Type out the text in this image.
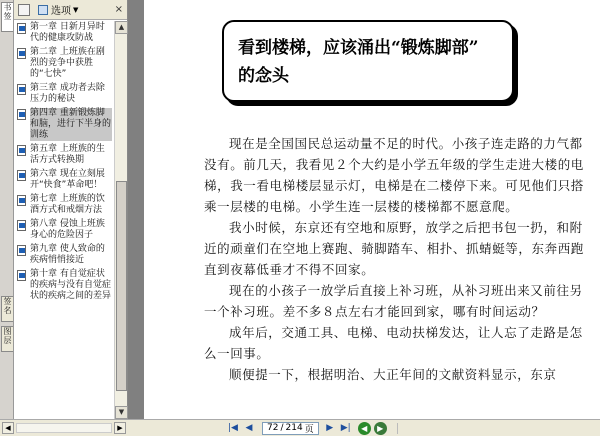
书签
签名
图层
选项 ▼	×
第一章 日新月异时代的健康攻防战
第二章 上班族在剧烈的竞争中获胜的“七快”
第三章 成功者去除压力的秘诀
第四章 重新锻炼脚和脑，进行下半身的训练
第五章 上班族的生活方式转换期
第六章 现在立刻展开“快食”革命吧！
第七章 上班族的饮酒方式和戒烟方法
第八章 侵蚀上班族身心的危险因子
第九章 使人致命的疾病悄悄接近
第十章 有自觉症状的疾病与没有自觉症状的疾病之间的差异
▲
▼

看到楼梯，应该涌出“锻炼脚部”

的念头

现在是全国国民总运动量不足的时代。小孩子连走路的力气都没有。前几天，我看见２个大约是小学五年级的学生走进大楼的电梯，我一看电梯楼层显示灯，电梯是在二楼停下来。可见他们只搭乘一层楼的电梯。小学生连一层楼的楼梯都不愿意爬。

我小时候，东京还有空地和原野，放学之后把书包一扔，和附近的顽童们在空地上赛跑、骑脚踏车、相扑、抓蜻蜓等，东奔西跑直到夜幕低垂才不得不回家。

现在的小孩子一放学后直接上补习班，从补习班出来又前往另一个补习班。差不多８点左右才能回到家，哪有时间运动？

成年后，交通工具、电梯、电动扶梯发达，让人忘了走路是怎么一回事。

顺便提一下，根据明治、大正年间的文献资料显示，东京

◀	▶	|◀ ◀	72 / 214 页	▶ ▶|	◀	▶
